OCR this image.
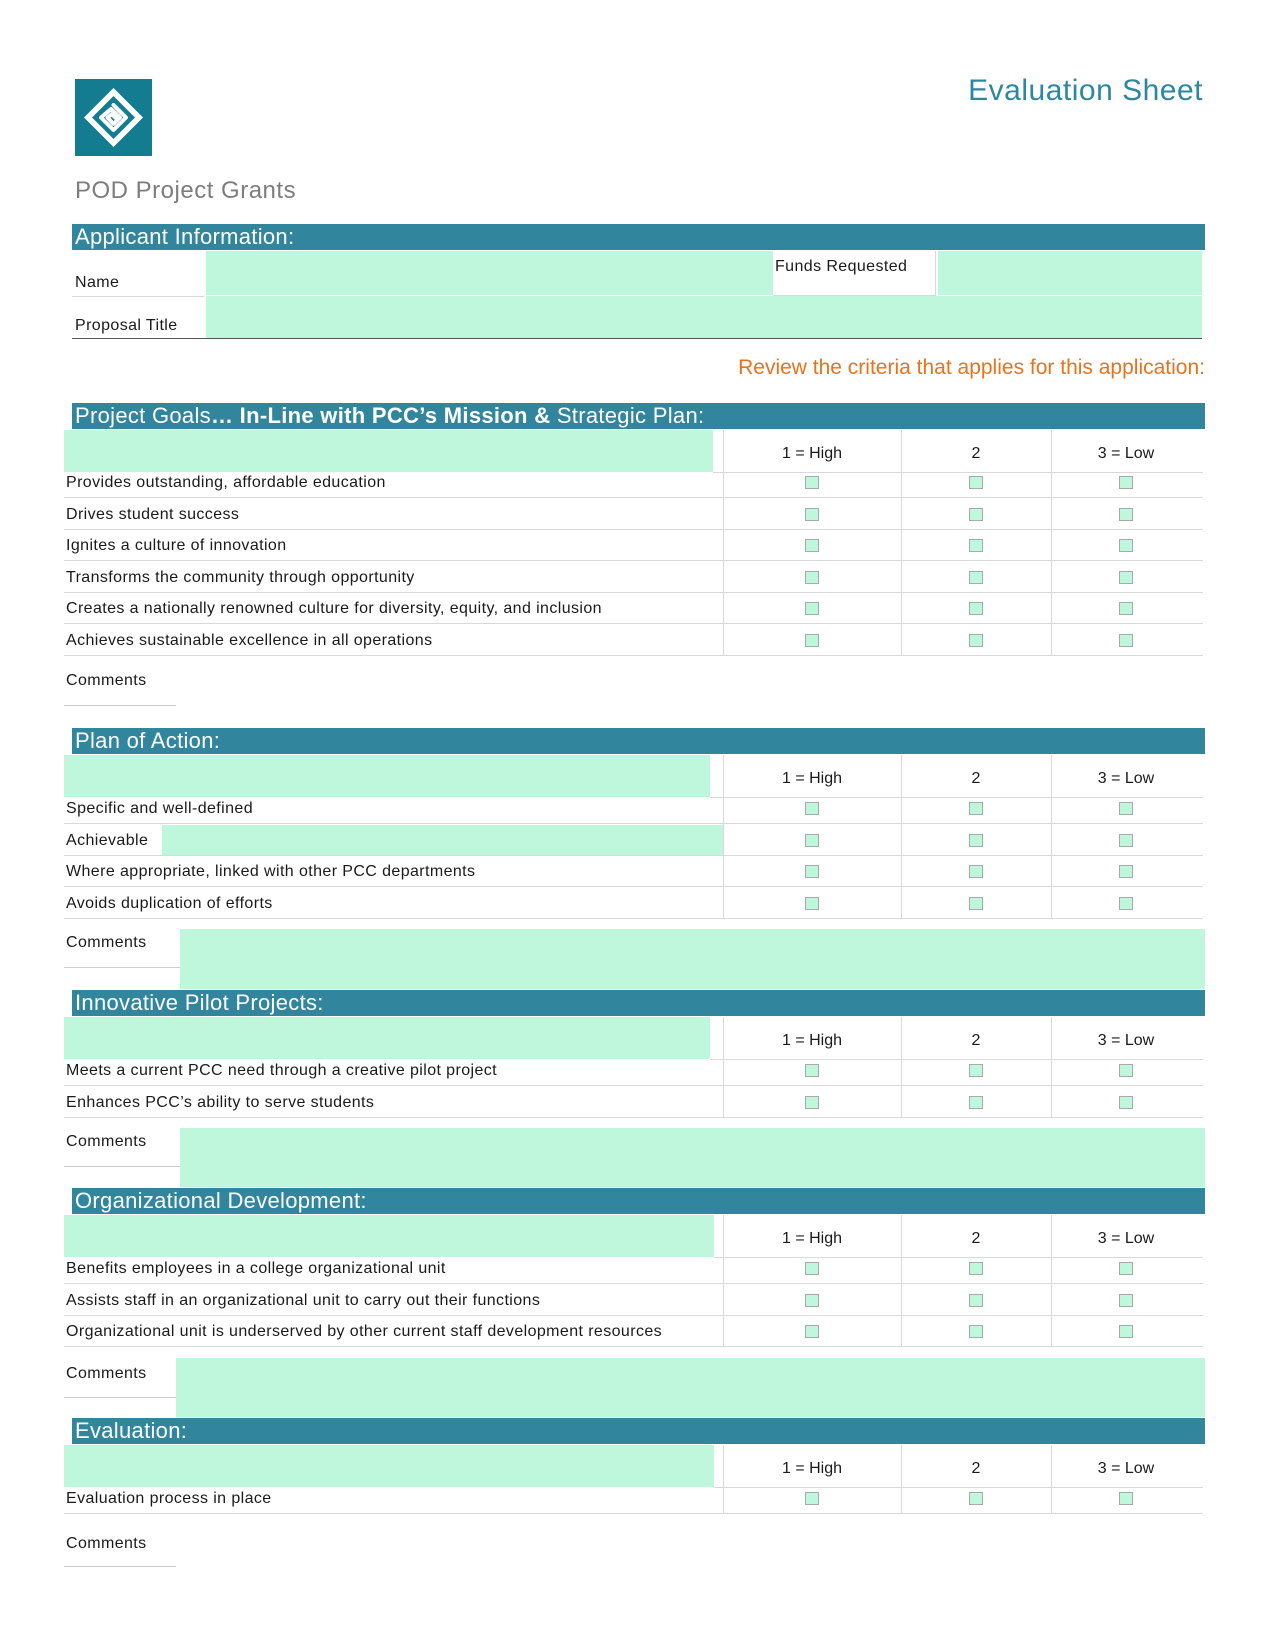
Evaluation Sheet
POD Project Grants
Applicant Information:
Name
Funds Requested
Proposal Title
Review the criteria that applies for this application:
Project Goals… In-Line with PCC’s Mission & Strategic Plan:
1 = High	2	3 = Low
Provides outstanding, affordable education
Drives student success
Ignites a culture of innovation
Transforms the community through opportunity
Creates a nationally renowned culture for diversity, equity, and inclusion
Achieves sustainable excellence in all operations
Comments
Plan of Action:
1 = High	2	3 = Low
Specific and well-defined
Achievable
Where appropriate, linked with other PCC departments
Avoids duplication of efforts
Comments
Innovative Pilot Projects:
1 = High	2	3 = Low
Meets a current PCC need through a creative pilot project
Enhances PCC’s ability to serve students
Comments
Organizational Development:
1 = High	2	3 = Low
Benefits employees in a college organizational unit
Assists staff in an organizational unit to carry out their functions
Organizational unit is underserved by other current staff development resources
Comments
Evaluation:
1 = High	2	3 = Low
Evaluation process in place
Comments
